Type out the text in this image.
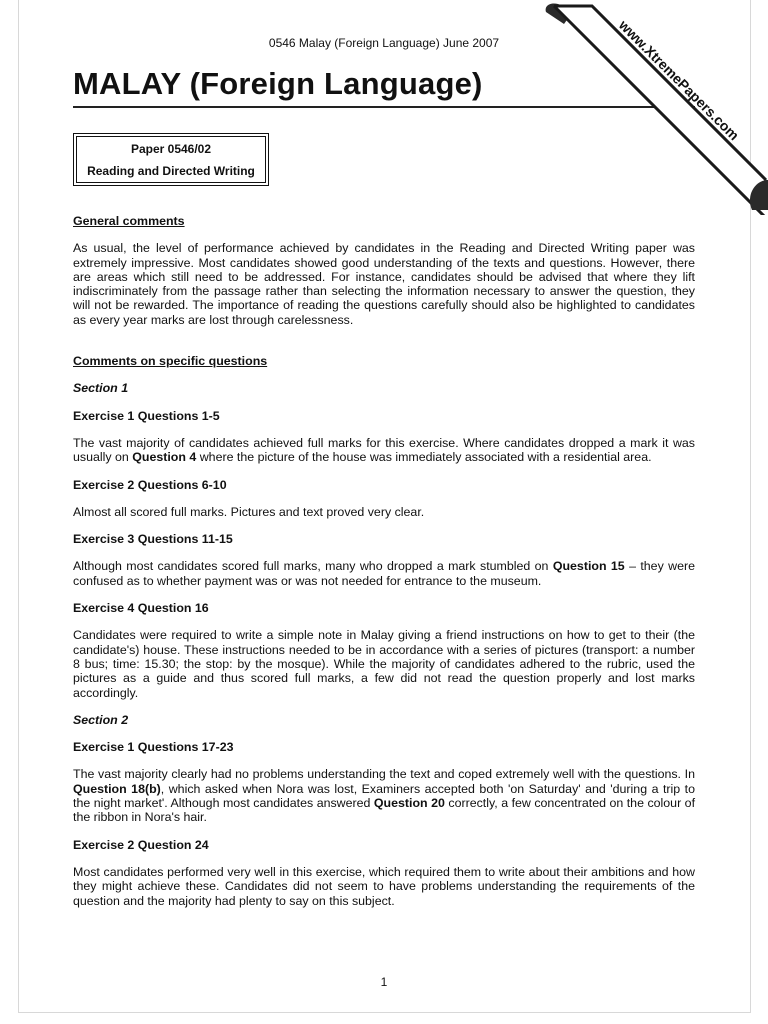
0546 Malay (Foreign Language) June 2007
MALAY (Foreign Language)
Paper 0546/02
Reading and Directed Writing
General comments

As usual, the level of performance achieved by candidates in the Reading and Directed Writing paper was extremely impressive. Most candidates showed good understanding of the texts and questions. However, there are areas which still need to be addressed. For instance, candidates should be advised that where they lift indiscriminately from the passage rather than selecting the information necessary to answer the question, they will not be rewarded. The importance of reading the questions carefully should also be highlighted to candidates as every year marks are lost through carelessness.

Comments on specific questions
Section 1
Exercise 1 Questions 1-5

The vast majority of candidates achieved full marks for this exercise. Where candidates dropped a mark it was usually on Question 4 where the picture of the house was immediately associated with a residential area.

Exercise 2 Questions 6-10

Almost all scored full marks. Pictures and text proved very clear.

Exercise 3 Questions 11-15

Although most candidates scored full marks, many who dropped a mark stumbled on Question 15 – they were confused as to whether payment was or was not needed for entrance to the museum.

Exercise 4 Question 16

Candidates were required to write a simple note in Malay giving a friend instructions on how to get to their (the candidate's) house. These instructions needed to be in accordance with a series of pictures (transport: a number 8 bus; time: 15.30; the stop: by the mosque). While the majority of candidates adhered to the rubric, used the pictures as a guide and thus scored full marks, a few did not read the question properly and lost marks accordingly.

Section 2
Exercise 1 Questions 17-23

The vast majority clearly had no problems understanding the text and coped extremely well with the questions. In Question 18(b), which asked when Nora was lost, Examiners accepted both 'on Saturday' and 'during a trip to the night market'. Although most candidates answered Question 20 correctly, a few concentrated on the colour of the ribbon in Nora's hair.

Exercise 2 Question 24

Most candidates performed very well in this exercise, which required them to write about their ambitions and how they might achieve these. Candidates did not seem to have problems understanding the requirements of the question and the majority had plenty to say on this subject.

1
www.XtremePapers.com
